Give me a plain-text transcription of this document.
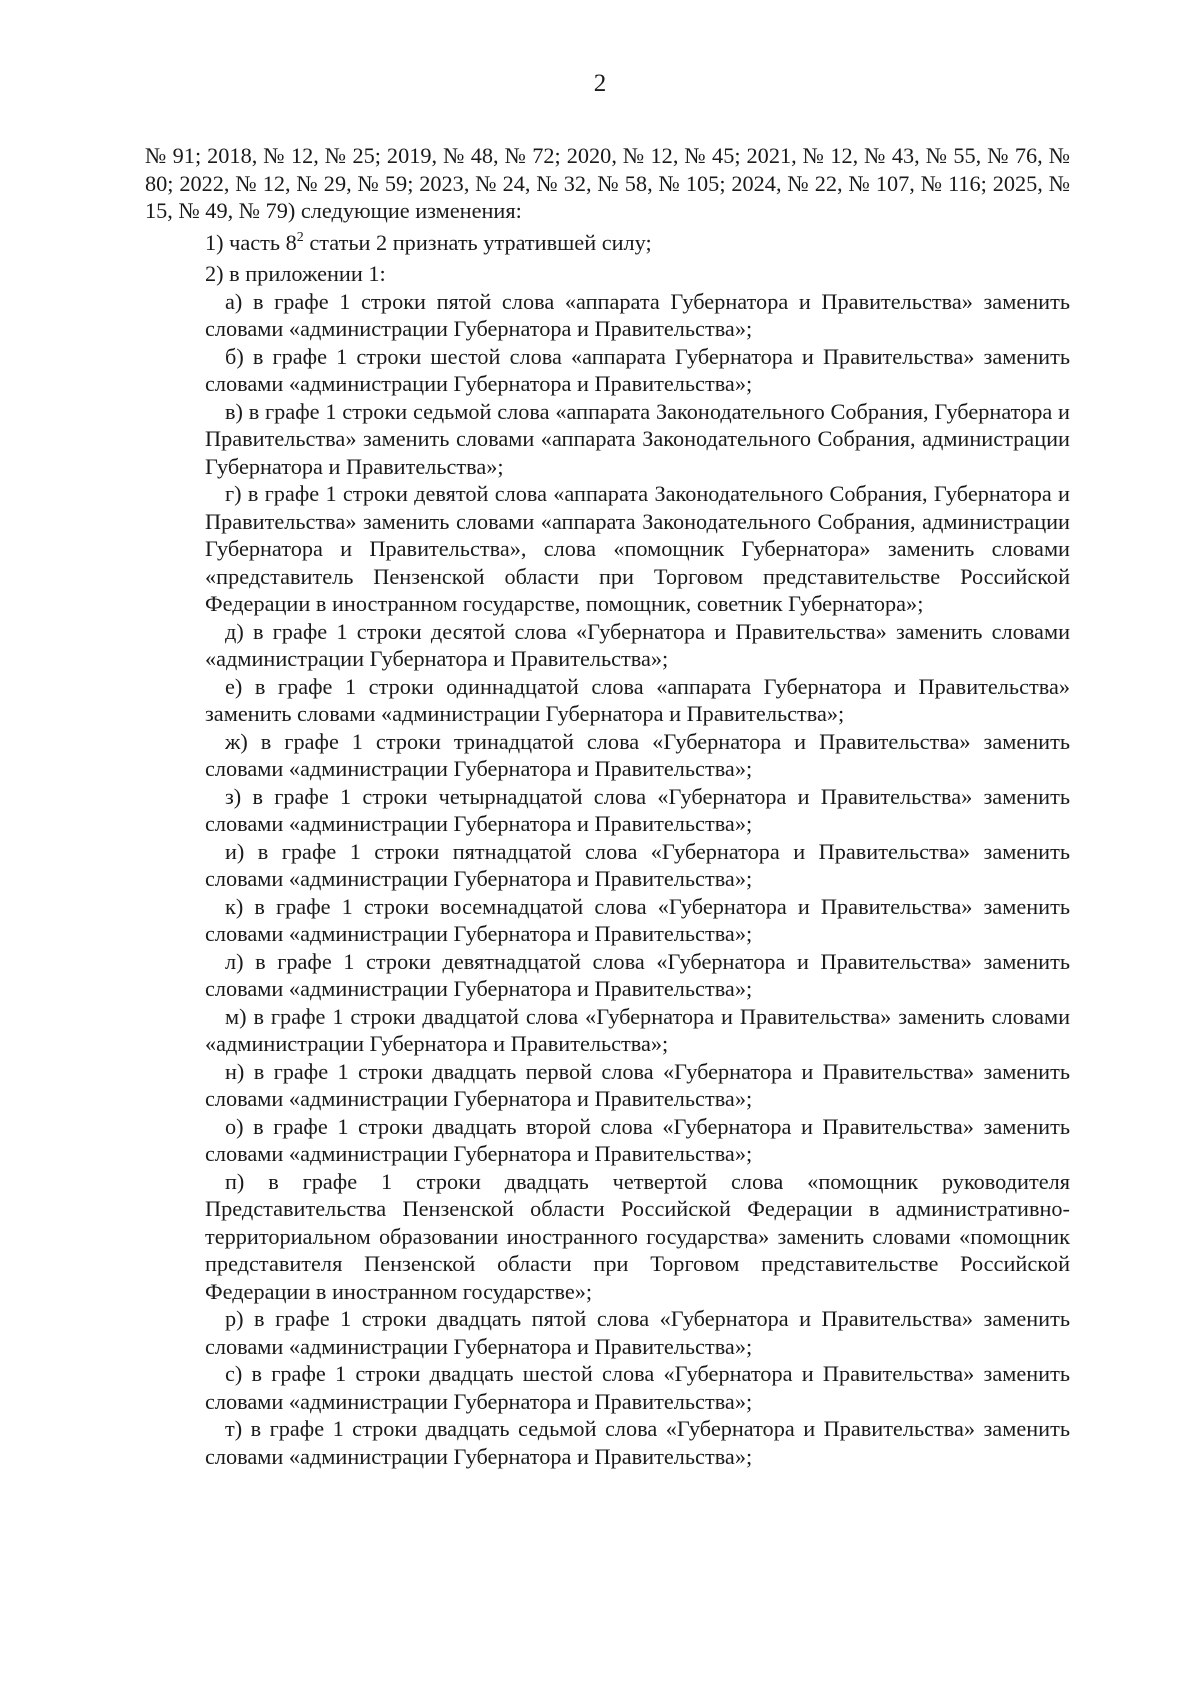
2

№ 91; 2018, № 12, № 25; 2019, № 48, № 72; 2020, № 12, № 45; 2021, № 12, № 43, № 55, № 76, № 80; 2022, № 12, № 29, № 59; 2023, № 24, № 32, № 58, № 105; 2024, № 22, № 107, № 116; 2025, № 15, № 49, № 79) следующие изменения:

1) часть $8^2$ статьи 2 признать утратившей силу;

2) в приложении 1:

а) в графе 1 строки пятой слова «аппарата Губернатора и Правительства» заменить словами «администрации Губернатора и Правительства»;

б) в графе 1 строки шестой слова «аппарата Губернатора и Правительства» заменить словами «администрации Губернатора и Правительства»;

в) в графе 1 строки седьмой слова «аппарата Законодательного Собрания, Губернатора и Правительства» заменить словами «аппарата Законодательного Собрания, администрации Губернатора и Правительства»;

г) в графе 1 строки девятой слова «аппарата Законодательного Собрания, Губернатора и Правительства» заменить словами «аппарата Законодательного Собрания, администрации Губернатора и Правительства», слова «помощник Губернатора» заменить словами «представитель Пензенской области при Торговом представительстве Российской Федерации в иностранном государстве, помощник, советник Губернатора»;

д) в графе 1 строки десятой слова «Губернатора и Правительства» заменить словами «администрации Губернатора и Правительства»;

е) в графе 1 строки одиннадцатой слова «аппарата Губернатора и Правительства» заменить словами «администрации Губернатора и Правительства»;

ж) в графе 1 строки тринадцатой слова «Губернатора и Правительства» заменить словами «администрации Губернатора и Правительства»;

з) в графе 1 строки четырнадцатой слова «Губернатора и Правительства» заменить словами «администрации Губернатора и Правительства»;

и) в графе 1 строки пятнадцатой слова «Губернатора и Правительства» заменить словами «администрации Губернатора и Правительства»;

к) в графе 1 строки восемнадцатой слова «Губернатора и Правительства» заменить словами «администрации Губернатора и Правительства»;

л) в графе 1 строки девятнадцатой слова «Губернатора и Правительства» заменить словами «администрации Губернатора и Правительства»;

м) в графе 1 строки двадцатой слова «Губернатора и Правительства» заменить словами «администрации Губернатора и Правительства»;

н) в графе 1 строки двадцать первой слова «Губернатора и Правительства» заменить словами «администрации Губернатора и Правительства»;

о) в графе 1 строки двадцать второй слова «Губернатора и Правительства» заменить словами «администрации Губернатора и Правительства»;

п) в графе 1 строки двадцать четвертой слова «помощник руководителя Представительства Пензенской области Российской Федерации в административно-территориальном образовании иностранного государства» заменить словами «помощник представителя Пензенской области при Торговом представительстве Российской Федерации в иностранном государстве»;

р) в графе 1 строки двадцать пятой слова «Губернатора и Правительства» заменить словами «администрации Губернатора и Правительства»;

с) в графе 1 строки двадцать шестой слова «Губернатора и Правительства» заменить словами «администрации Губернатора и Правительства»;

т) в графе 1 строки двадцать седьмой слова «Губернатора и Правительства» заменить словами «администрации Губернатора и Правительства»;
